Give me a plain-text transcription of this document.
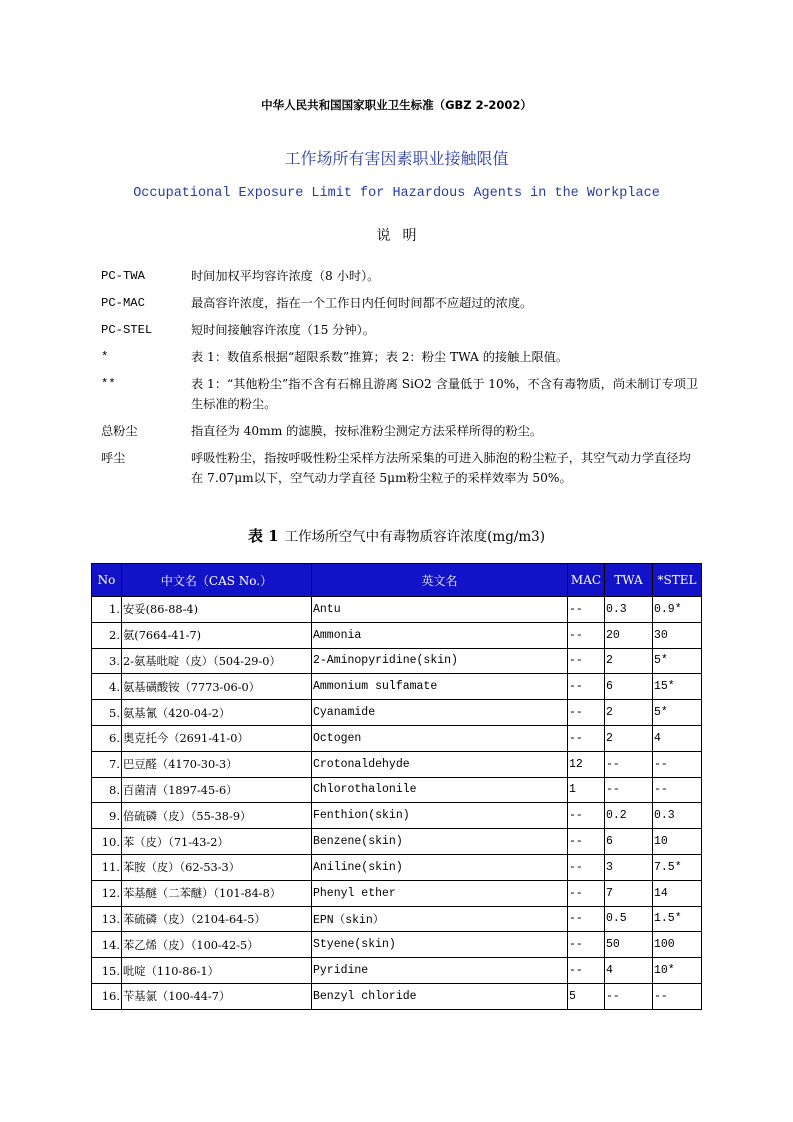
中华人民共和国国家职业卫生标准（GBZ 2-2002）
工作场所有害因素职业接触限值
Occupational Exposure Limit for Hazardous Agents in the Workplace
说明
PC-TWA	时间加权平均容许浓度（8 小时）。
PC-MAC	最高容许浓度，指在一个工作日内任何时间都不应超过的浓度。
PC-STEL	短时间接触容许浓度（15 分钟）。
*	表 1：数值系根据“超限系数”推算；表 2：粉尘 TWA 的接触上限值。
**	表 1：“其他粉尘”指不含有石棉且游离 SiO2 含量低于 10%，不含有毒物质，尚未制订专项卫生标准的粉尘。
总粉尘	指直径为 40mm 的滤膜，按标准粉尘测定方法采样所得的粉尘。
呼尘	呼吸性粉尘，指按呼吸性粉尘采样方法所采集的可进入肺泡的粉尘粒子，其空气动力学直径均在 7.07μm以下，空气动力学直径 5μm粉尘粒子的采样效率为 50%。
表 1 工作场所空气中有毒物质容许浓度(mg/m3)
No	中文名（CAS No.）	英文名	MAC	TWA	*STEL
1.	安妥(86-88-4)	Antu	--	0.3	0.9*
2.	氨(7664-41-7)	Ammonia	--	20	30
3.	2-氨基吡啶（皮）（504-29-0）	2-Aminopyridine(skin)	--	2	5*
4.	氨基磺酸铵（7773-06-0）	Ammonium sulfamate	--	6	15*
5.	氨基氰（420-04-2）	Cyanamide	--	2	5*
6.	奥克托今（2691-41-0）	Octogen	--	2	4
7.	巴豆醛（4170-30-3）	Crotonaldehyde	12	--	--
8.	百菌清（1897-45-6）	Chlorothalonile	1	--	--
9.	倍硫磷（皮）（55-38-9）	Fenthion(skin)	--	0.2	0.3
10.	苯（皮）（71-43-2）	Benzene(skin)	--	6	10
11.	苯胺（皮）（62-53-3）	Aniline(skin)	--	3	7.5*
12.	苯基醚（二苯醚）（101-84-8）	Phenyl ether	--	7	14
13.	苯硫磷（皮）（2104-64-5）	EPN（skin）	--	0.5	1.5*
14.	苯乙烯（皮）（100-42-5）	Styene(skin)	--	50	100
15.	吡啶（110-86-1）	Pyridine	--	4	10*
16.	苄基氯（100-44-7）	Benzyl chloride	5	--	--
